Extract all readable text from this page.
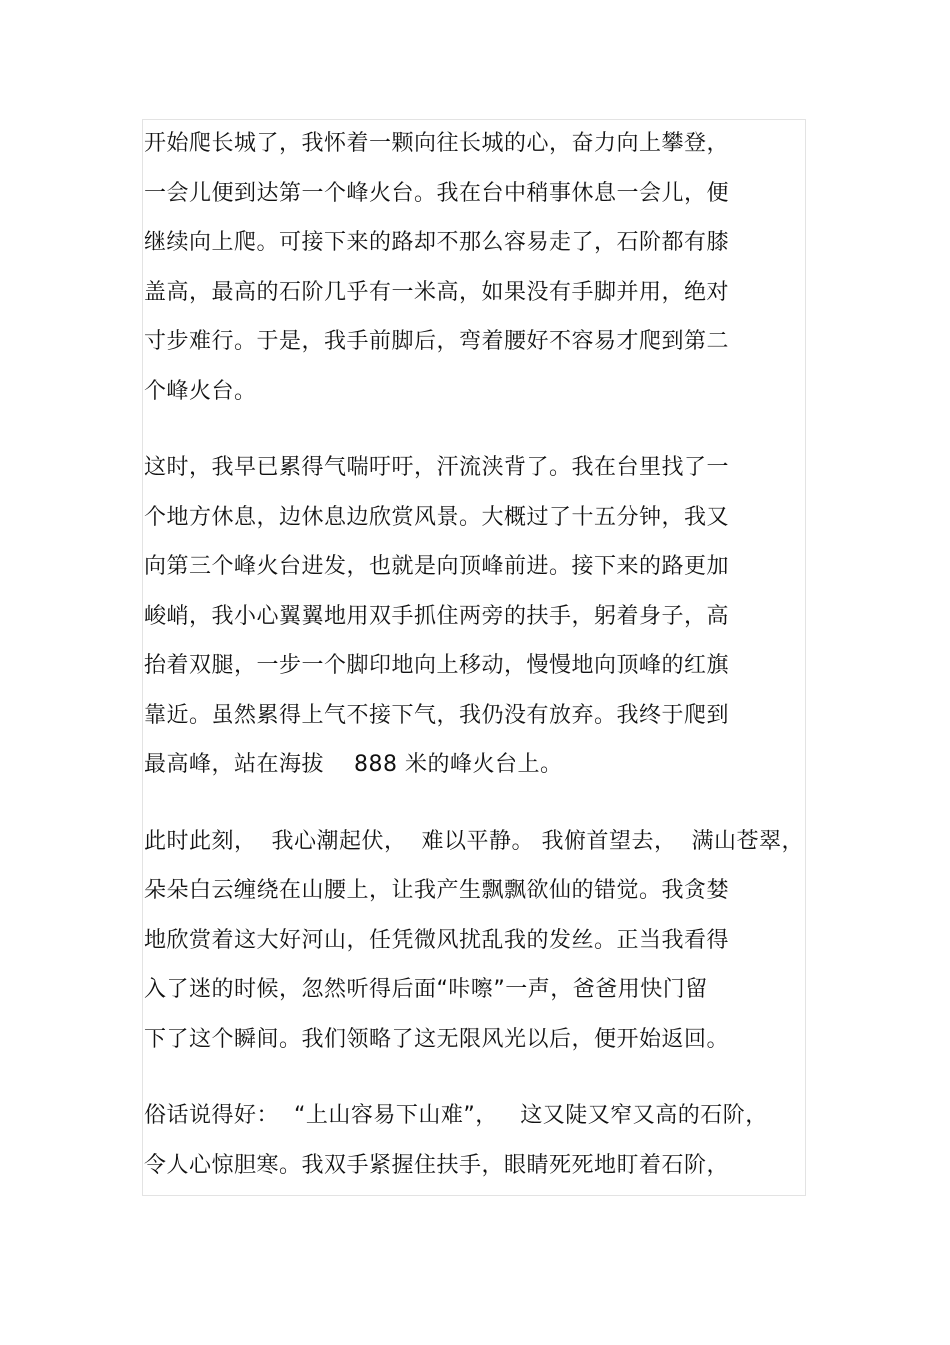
开始爬长城了，我怀着一颗向往长城的心，奋力向上攀登，
一会儿便到达第一个峰火台。我在台中稍事休息一会儿，便
继续向上爬。可接下来的路却不那么容易走了，石阶都有膝
盖高，最高的石阶几乎有一米高，如果没有手脚并用，绝对
寸步难行。于是，我手前脚后，弯着腰好不容易才爬到第二
个峰火台。
这时，我早已累得气喘吁吁，汗流浃背了。我在台里找了一
个地方休息，边休息边欣赏风景。大概过了十五分钟，我又
向第三个峰火台进发，也就是向顶峰前进。接下来的路更加
峻峭，我小心翼翼地用双手抓住两旁的扶手，躬着身子，高
抬着双腿，一步一个脚印地向上移动，慢慢地向顶峰的红旗
靠近。虽然累得上气不接下气，我仍没有放弃。我终于爬到
最高峰，站在海拔    888 米的峰火台上。
此时此刻，  我心潮起伏，  难以平静。 我俯首望去，  满山苍翠，
朵朵白云缠绕在山腰上，让我产生飘飘欲仙的错觉。我贪婪
地欣赏着这大好河山，任凭微风扰乱我的发丝。正当我看得
入了迷的时候，忽然听得后面“咔嚓”一声，爸爸用快门留
下了这个瞬间。我们领略了这无限风光以后，便开始返回。
俗话说得好：  “上山容易下山难”，   这又陡又窄又高的石阶，
令人心惊胆寒。我双手紧握住扶手，眼睛死死地盯着石阶，
